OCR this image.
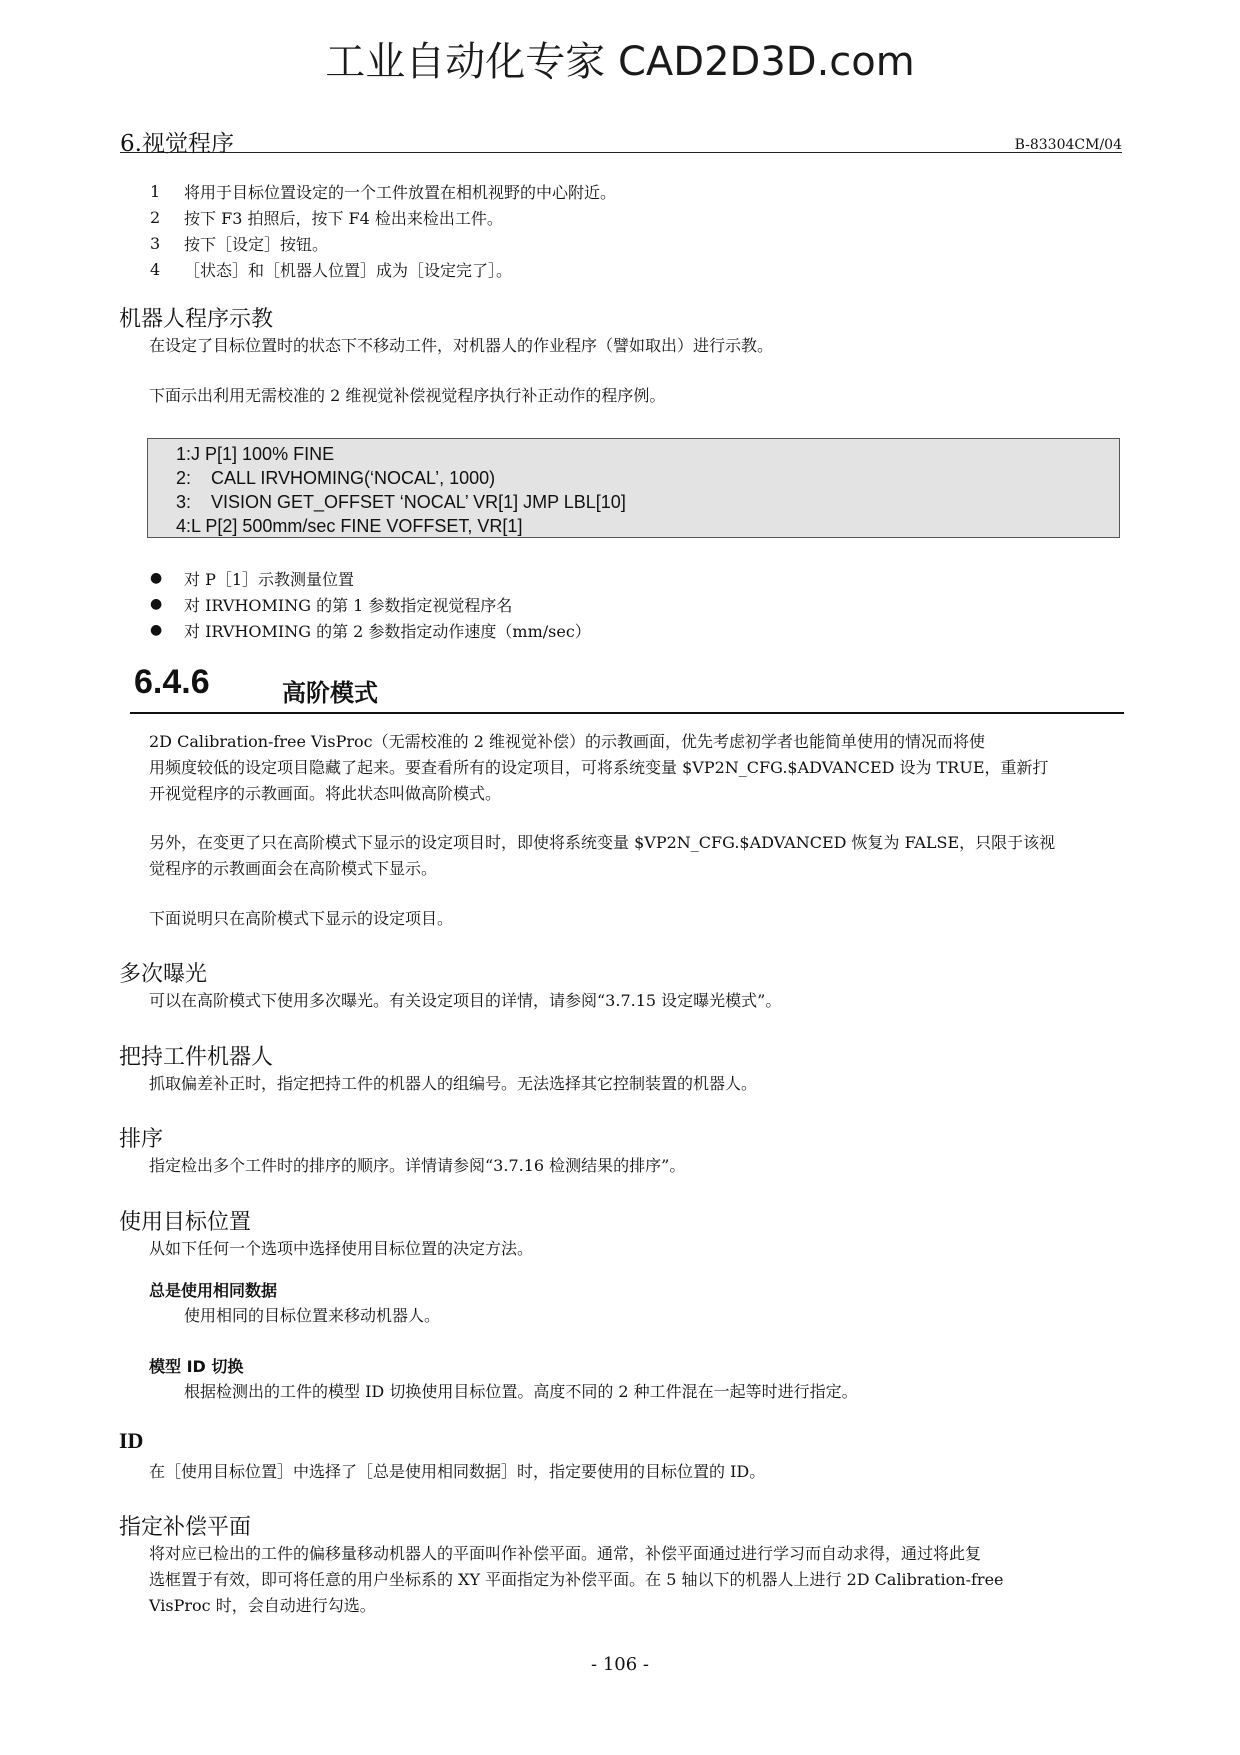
工业自动化专家 CAD2D3D.com
6.视觉程序	B-83304CM/04
1	将用于目标位置设定的一个工件放置在相机视野的中心附近。
2	按下 F3 拍照后，按下 F4 检出来检出工件。
3	按下［设定］按钮。
4	［状态］和［机器人位置］成为［设定完了］。
机器人程序示教
在设定了目标位置时的状态下不移动工件，对机器人的作业程序（譬如取出）进行示教。
下面示出利用无需校准的 2 维视觉补偿视觉程序执行补正动作的程序例。
1:J P[1] 100% FINE
2:    CALL IRVHOMING(‘NOCAL’, 1000)
3:    VISION GET_OFFSET ‘NOCAL’ VR[1] JMP LBL[10]
4:L P[2] 500mm/sec FINE VOFFSET, VR[1]
●	对 P［1］示教测量位置
●	对 IRVHOMING 的第 1 参数指定视觉程序名
●	对 IRVHOMING 的第 2 参数指定动作速度（mm/sec）
6.4.6	高阶模式
2D Calibration-free VisProc（无需校准的 2 维视觉补偿）的示教画面，优先考虑初学者也能简单使用的情况而将使
用频度较低的设定项目隐藏了起来。要查看所有的设定项目，可将系统变量 $VP2N_CFG.$ADVANCED 设为 TRUE，重新打
开视觉程序的示教画面。将此状态叫做高阶模式。
另外，在变更了只在高阶模式下显示的设定项目时，即使将系统变量 $VP2N_CFG.$ADVANCED 恢复为 FALSE，只限于该视
觉程序的示教画面会在高阶模式下显示。
下面说明只在高阶模式下显示的设定项目。
多次曝光
可以在高阶模式下使用多次曝光。有关设定项目的详情，请参阅“3.7.15 设定曝光模式”。
把持工件机器人
抓取偏差补正时，指定把持工件的机器人的组编号。无法选择其它控制装置的机器人。
排序
指定检出多个工件时的排序的顺序。详情请参阅“3.7.16 检测结果的排序”。
使用目标位置
从如下任何一个选项中选择使用目标位置的决定方法。
总是使用相同数据
使用相同的目标位置来移动机器人。
模型 ID 切换
根据检测出的工件的模型 ID 切换使用目标位置。高度不同的 2 种工件混在一起等时进行指定。
ID
在［使用目标位置］中选择了［总是使用相同数据］时，指定要使用的目标位置的 ID。
指定补偿平面
将对应已检出的工件的偏移量移动机器人的平面叫作补偿平面。通常，补偿平面通过进行学习而自动求得，通过将此复
选框置于有效，即可将任意的用户坐标系的 XY 平面指定为补偿平面。在 5 轴以下的机器人上进行 2D Calibration-free
VisProc 时，会自动进行勾选。
- 106 -
